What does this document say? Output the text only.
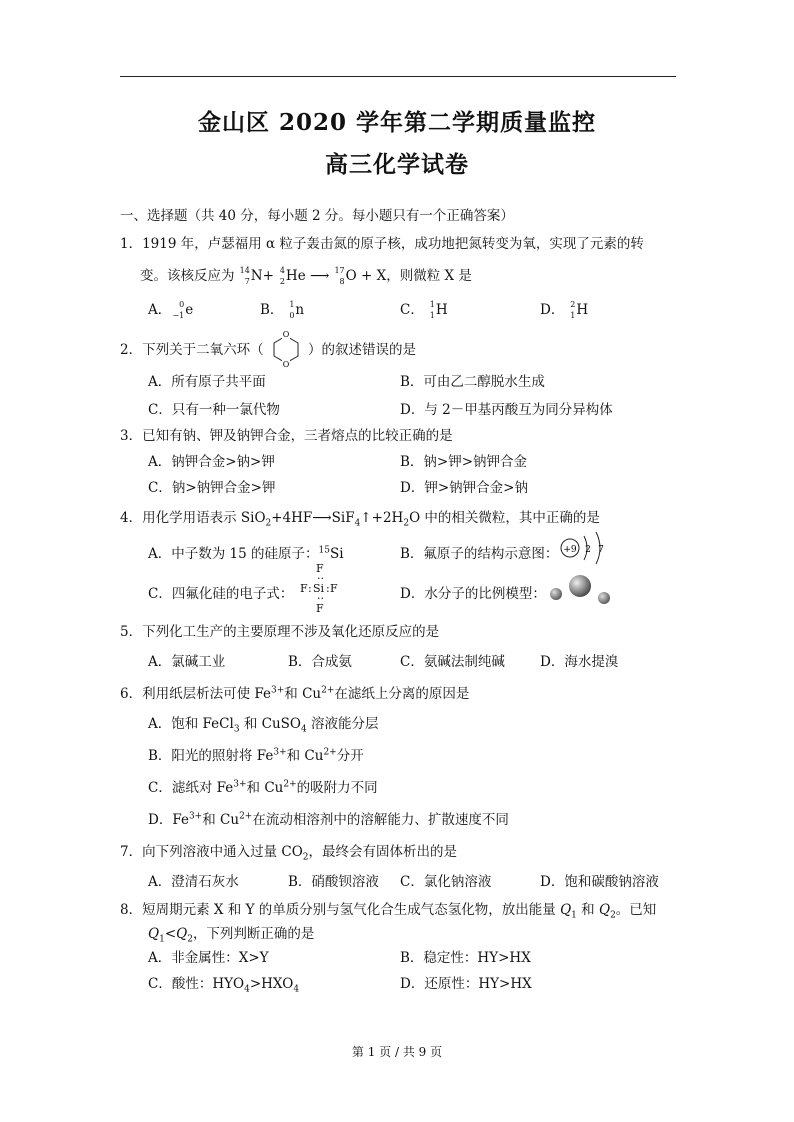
金山区 2020 学年第二学期质量监控
高三化学试卷
一、选择题（共 40 分，每小题 2 分。每小题只有一个正确答案）
1．1919 年，卢瑟福用 α 粒子轰击氮的原子核，成功地把氮转变为氧，实现了元素的转
变。该核反应为 14
7 N+ 4
2 He ⟶ 17
8 O + X，则微粒 X 是
A． 0
−1 e	B． 1
0 n	C． 1
1 H	D． 2
1 H
2．下列关于二氧六环（
O
O
）的叙述错误的是
A．所有原子共平面	B．可由乙二醇脱水生成
C．只有一种一氯代物	D．与 2－甲基丙酸互为同分异构体
3．已知有钠、钾及钠钾合金，三者熔点的比较正确的是
A．钠钾合金>钠>钾	B．钠>钾>钠钾合金
C．钠>钠钾合金>钾	D．钾>钠钾合金>钠
4．用化学用语表示 $SiO_2+4HF⟶SiF_4↑+2H_2O$ 中的相关微粒，其中正确的是
A．中子数为 15 的硅原子：$^{15}$Si	B．氟原子的结构示意图： +9 2 7
C．四氟化硅的电子式：
F
··
F : Si : F
··
F
D．水分子的比例模型：
5．下列化工生产的主要原理不涉及氧化还原反应的是
A．氯碱工业	B．合成氨	C．氨碱法制纯碱	D．海水提溴
6．利用纸层析法可使 $Fe^{3+}$和 $Cu^{2+}$在滤纸上分离的原因是
A．饱和 FeCl$_3$ 和 CuSO$_4$ 溶液能分层
B．阳光的照射将 $Fe^{3+}$和 $Cu^{2+}$分开
C．滤纸对 $Fe^{3+}$和 $Cu^{2+}$的吸附力不同
D．$Fe^{3+}$和 $Cu^{2+}$在流动相溶剂中的溶解能力、扩散速度不同
7．向下列溶液中通入过量 $CO_2$，最终会有固体析出的是
A．澄清石灰水	B．硝酸钡溶液 C．氯化钠溶液	D．饱和碳酸钠溶液
8．短周期元素 X 和 Y 的单质分别与氢气化合生成气态氢化物，放出能量 $Q_1$ 和 $Q_2$。已知
$Q_1<Q_2$，下列判断正确的是
A．非金属性：X>Y	B．稳定性：HY>HX
C．酸性：$HYO_4>HXO_4$	D．还原性：HY>HX
第 1 页 / 共 9 页
